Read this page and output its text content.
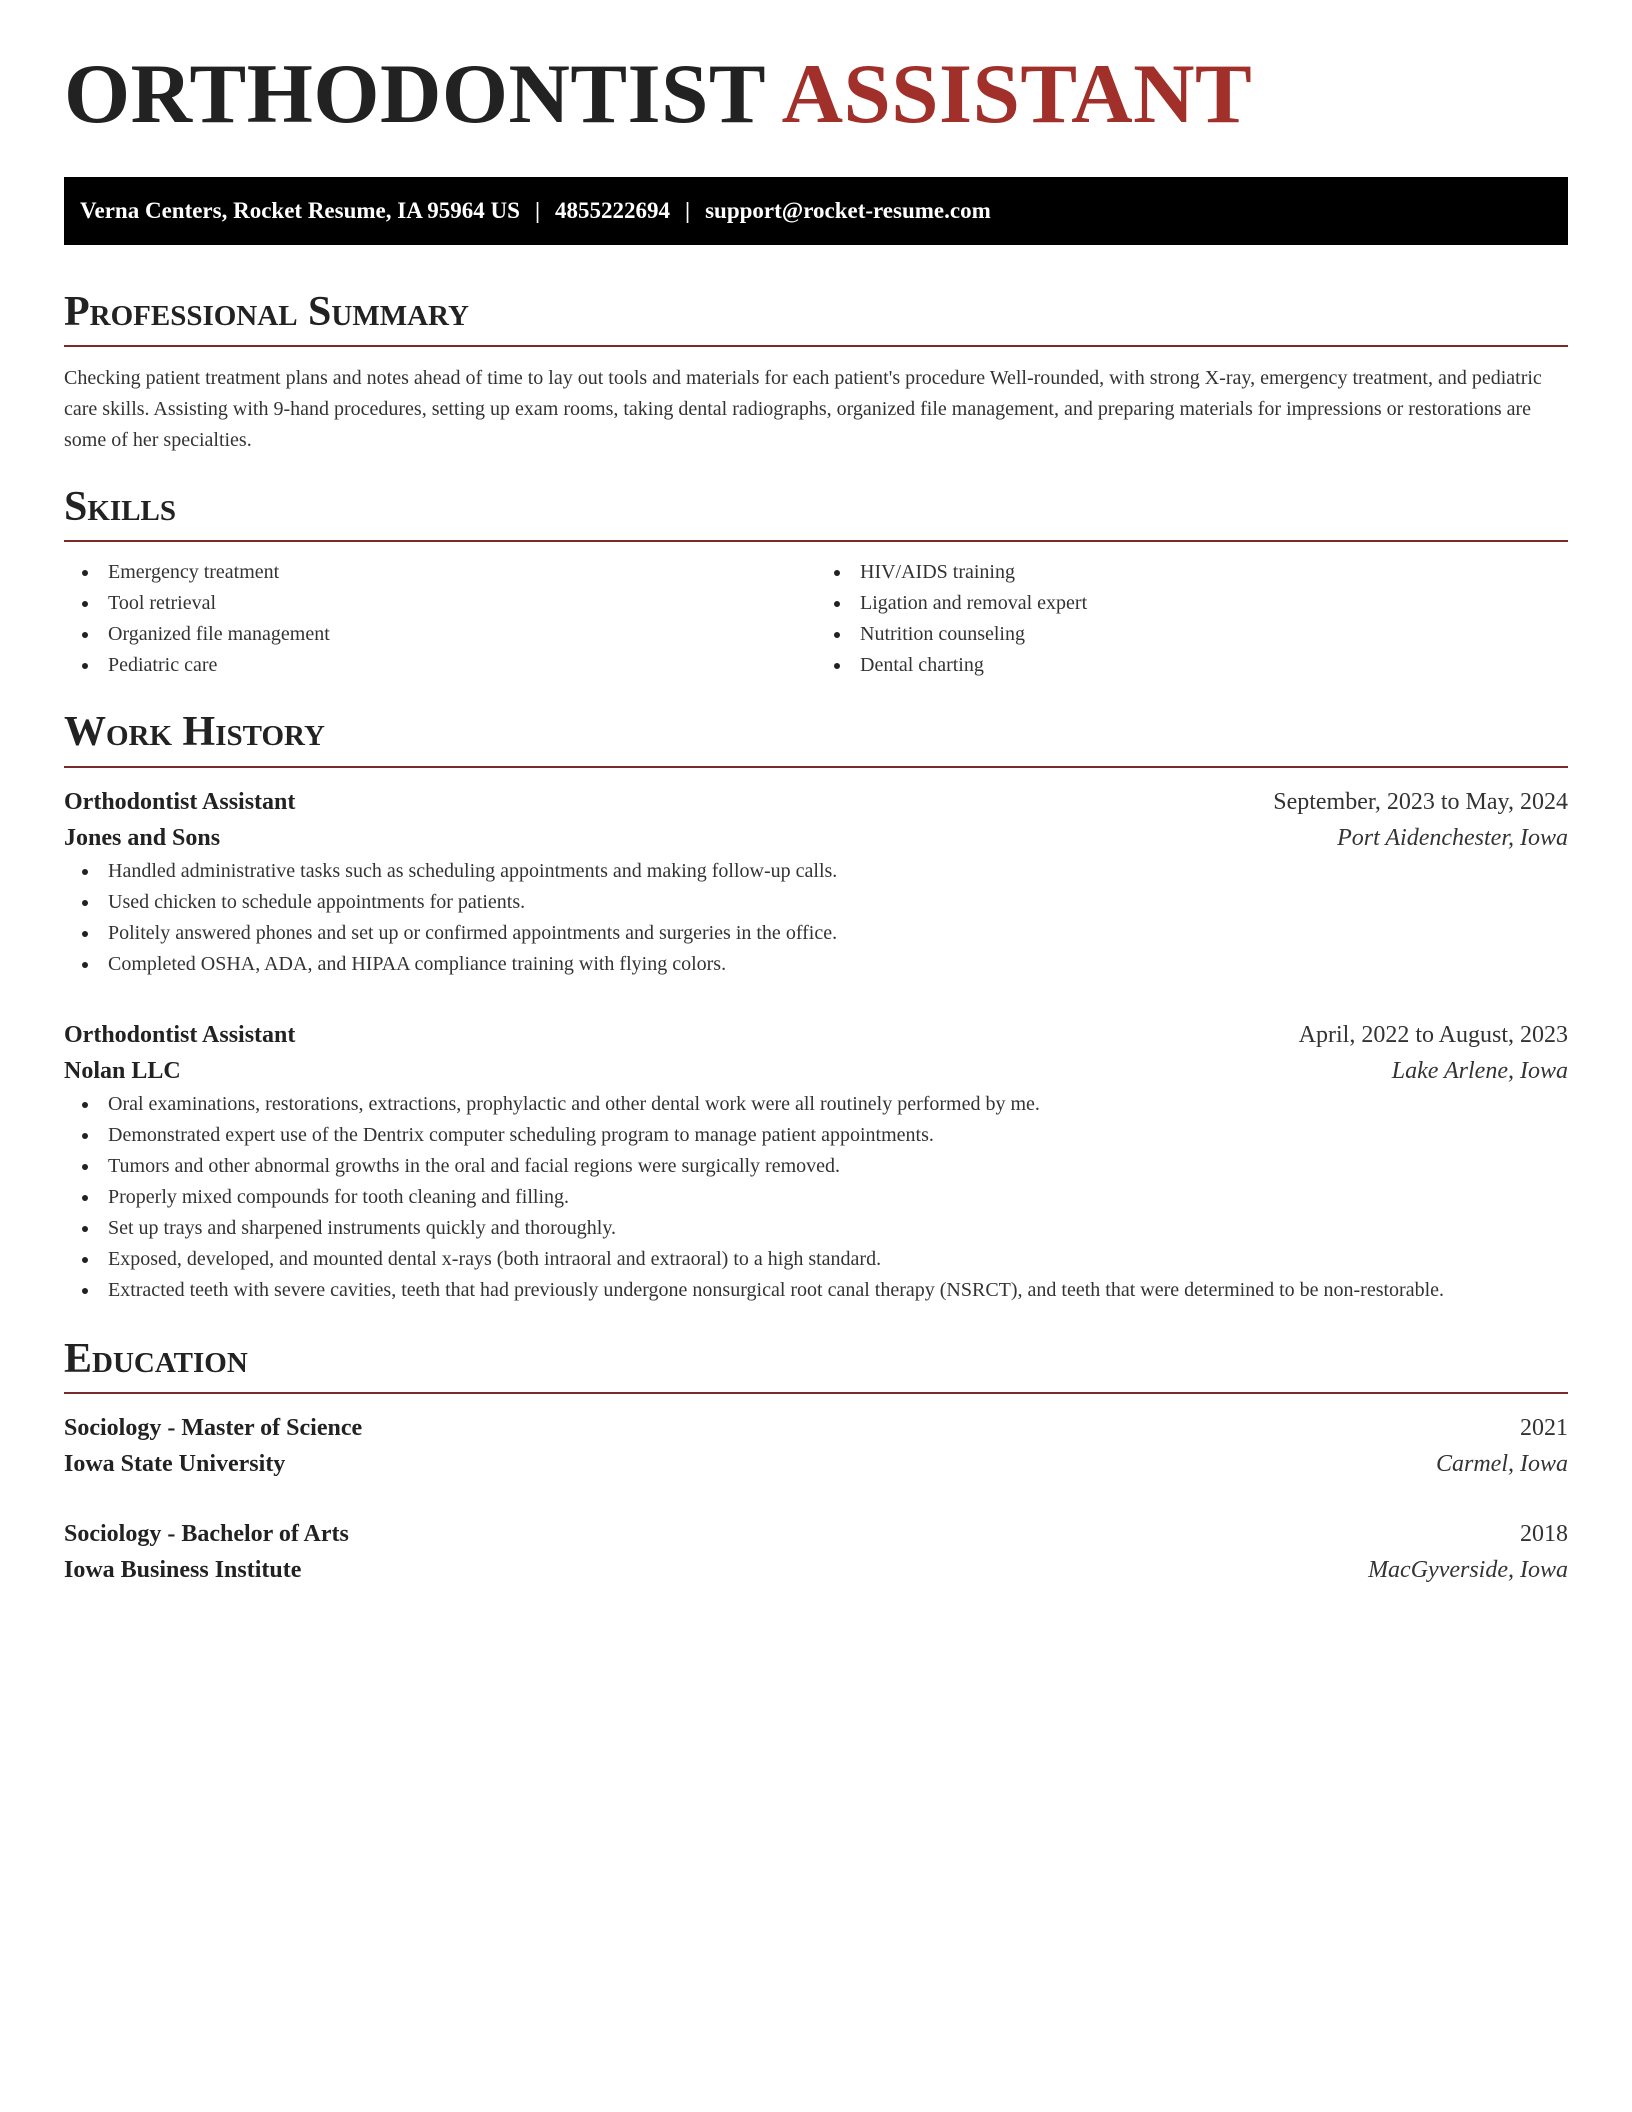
ORTHODONTIST ASSISTANT
Verna Centers, Rocket Resume, IA 95964 US | 4855222694 | support@rocket-resume.com
Professional Summary

Checking patient treatment plans and notes ahead of time to lay out tools and materials for each patient's procedure Well-rounded, with strong X-ray, emergency treatment, and pediatric care skills. Assisting with 9-hand procedures, setting up exam rooms, taking dental radiographs, organized file management, and preparing materials for impressions or restorations are some of her specialties.

Skills
Emergency treatment
Tool retrieval
Organized file management
Pediatric care
HIV/AIDS training
Ligation and removal expert
Nutrition counseling
Dental charting
Work History
Orthodontist Assistant	September, 2023 to May, 2024
Jones and Sons	Port Aidenchester, Iowa
Handled administrative tasks such as scheduling appointments and making follow-up calls.
Used chicken to schedule appointments for patients.
Politely answered phones and set up or confirmed appointments and surgeries in the office.
Completed OSHA, ADA, and HIPAA compliance training with flying colors.
Orthodontist Assistant	April, 2022 to August, 2023
Nolan LLC	Lake Arlene, Iowa
Oral examinations, restorations, extractions, prophylactic and other dental work were all routinely performed by me.
Demonstrated expert use of the Dentrix computer scheduling program to manage patient appointments.
Tumors and other abnormal growths in the oral and facial regions were surgically removed.
Properly mixed compounds for tooth cleaning and filling.
Set up trays and sharpened instruments quickly and thoroughly.
Exposed, developed, and mounted dental x-rays (both intraoral and extraoral) to a high standard.
Extracted teeth with severe cavities, teeth that had previously undergone nonsurgical root canal therapy (NSRCT), and teeth that were determined to be non-restorable.
Education
Sociology - Master of Science	2021
Iowa State University	Carmel, Iowa
Sociology - Bachelor of Arts	2018
Iowa Business Institute	MacGyverside, Iowa
